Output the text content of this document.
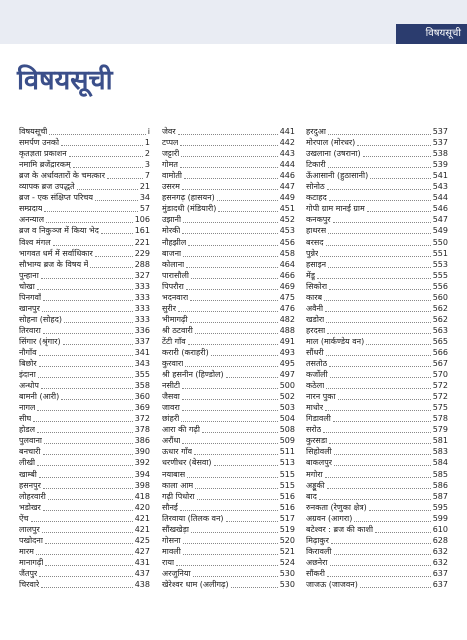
विषयसूची
विषयसूची
विषयसूची	i
समर्पण उनको	1
कृतज्ञता प्रकाशन	2
नमामि ब्रजेंद्रारकम्	3
ब्रज के अर्धावतारों के चमत्कार	7
व्यापक ब्रज उपद्धते	21
ब्रज - एक संक्षिप्त परिचय	34
सम्प्रदाय	57
अनन्याल	106
ब्रज व निकुञ्ज में किया भेद	161
विश्व मंगल	221
भागवत धर्म में सर्वाधिकार	229
सौभाग्य ब्रज के विषय में	288
पुन्हाना	327
चोखा	333
पिनगवाँ	333
खानपुर	333
सोहना (सोहद)	333
तिरवारा	336
सिंगार (श्रृंगार)	337
नौगाँव	341
बिछोर	343
इंदाना	355
अन्धोप	358
बामनी (आरी)	360
नागल	369
सीघ	372
होडल	378
पुलवाना	386
बनचारी	390
लीखी	392
खाम्बी	394
हसनपुर	398
लोहरवारी	418
भडोखर	420
ऐंच	421
लालपुर	421
पखोदना	425
मारम	427
मानागढ़ी	431
जैंतपुर	437
चिरवारे	438
जेवर	441
टप्पल	442
जट्टारी	443
गोमत	444
वामोती	446
उसरम	447
हसनगढ़ (हासयन)	449
मुंडादधी (मंडियारी)	451
उझानी	452
मोरकी	453
नौहझील	456
बाजना	458
कोलाना	464
पारासौली	466
पिपरौरा	469
भदनवारा	475
सुरीर	476
भीमागढ़ी	482
श्री ठटवारी	488
टेंटी गाँव	491
करारी (कराहरी)	493
कुरवारा	495
श्री हसनीन (हिण्डोल)	497
नसीटी	500
जैसवा	502
जावरा	503
छांहरी	504
आरा की गढ़ी	508
अरौंधा	509
ऊधार गाँव	511
धरणीधर (बेसवा)	513
नयाबास	515
काला आम	515
गढ़ी पिधोरा	516
सौनई	516
तिरवाया (तिलक वन)	517
सौंखखेड़ा	519
गोसना	520
मावली	521
राया	524
अरजुनिया	530
खेरेश्वर धाम (अलीगढ़)	530
हरदुआ	537
मोरपाल (मोरधर)	537
उखलाना (उषराना)	538
टिकारी	539
ऊँआसानी (हुठासानी)	541
सोनोठ	543
कटाहद	544
गोपी ग्राम मानई ग्राम	546
कनकपुर	547
हाथरस	549
बरसद	550
पुन्नेर	551
हसाइन	553
मेंडू	555
सिकोरा	556
कारब	560
अवैनी	562
खडोरा	562
हरदसा	563
माल (मार्कण्डेय वन)	565
सौंधरी	566
तसतोठ	567
कर्जोली	570
कठेला	572
नारन पुका	572
माधोर	575
गिडावली	578
सरोठ	579
कुरसडा	581
सिहोवली	583
बाकलपुर	584
मगोरा	585
अड्डूकी	586
बाद	587
रुनकता (रेणुका क्षेत्र)	595
अग्रवन (आगरा)	599
बटेश्वर : ब्रज की काशी	610
मिढ़ाकुर	628
किरावली	632
अछनेरा	632
सौंकरी	637
जाजऊ (जाजवन)	637
